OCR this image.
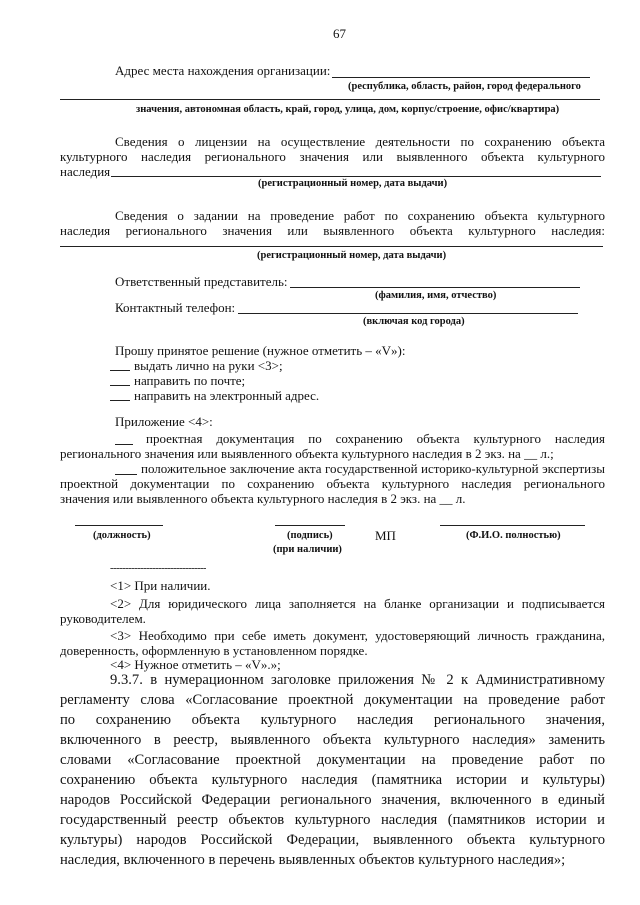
67
Адрес места нахождения организации:
(республика, область, район, город федерального
значения, автономная область, край, город, улица, дом, корпус/строение, офис/квартира)
Сведения о лицензии на осуществление деятельности по сохранению объекта
культурного наследия регионального значения или выявленного объекта культурного
наследия
(регистрационный номер, дата выдачи)
Сведения о задании на проведение работ по сохранению объекта культурного
наследия регионального значения или выявленного объекта культурного наследия:
(регистрационный номер, дата выдачи)
Ответственный представитель:
(фамилия, имя, отчество)
Контактный телефон:
(включая код города)
Прошу принятое решение (нужное отметить – «V»):
выдать лично на руки <3>;
направить по почте;
направить на электронный адрес.
Приложение <4>:
проектная документация по сохранению объекта культурного наследия
регионального значения или выявленного объекта культурного наследия в 2 экз. на __ л.;
положительное заключение акта государственной историко-культурной экспертизы
проектной документации по сохранению объекта культурного наследия регионального
значения или выявленного объекта культурного наследия в 2 экз. на __ л.
(должность)	(подпись)	МП	(Ф.И.О. полностью)
(при наличии)
--------------------------------
<1> При наличии.
<2> Для юридического лица заполняется на бланке организации и подписывается
руководителем.
<3> Необходимо при себе иметь документ, удостоверяющий личность гражданина,
доверенность, оформленную в установленном порядке.
<4> Нужное отметить – «V».»;
9.3.7. в нумерационном заголовке приложения № 2 к Административному
регламенту слова «Согласование проектной документации на проведение работ
по сохранению объекта культурного наследия регионального значения,
включенного в реестр, выявленного объекта культурного наследия» заменить
словами «Согласование проектной документации на проведение работ по
сохранению объекта культурного наследия (памятника истории и культуры)
народов Российской Федерации регионального значения, включенного в единый
государственный реестр объектов культурного наследия (памятников истории и
культуры) народов Российской Федерации, выявленного объекта культурного
наследия, включенного в перечень выявленных объектов культурного наследия»;
